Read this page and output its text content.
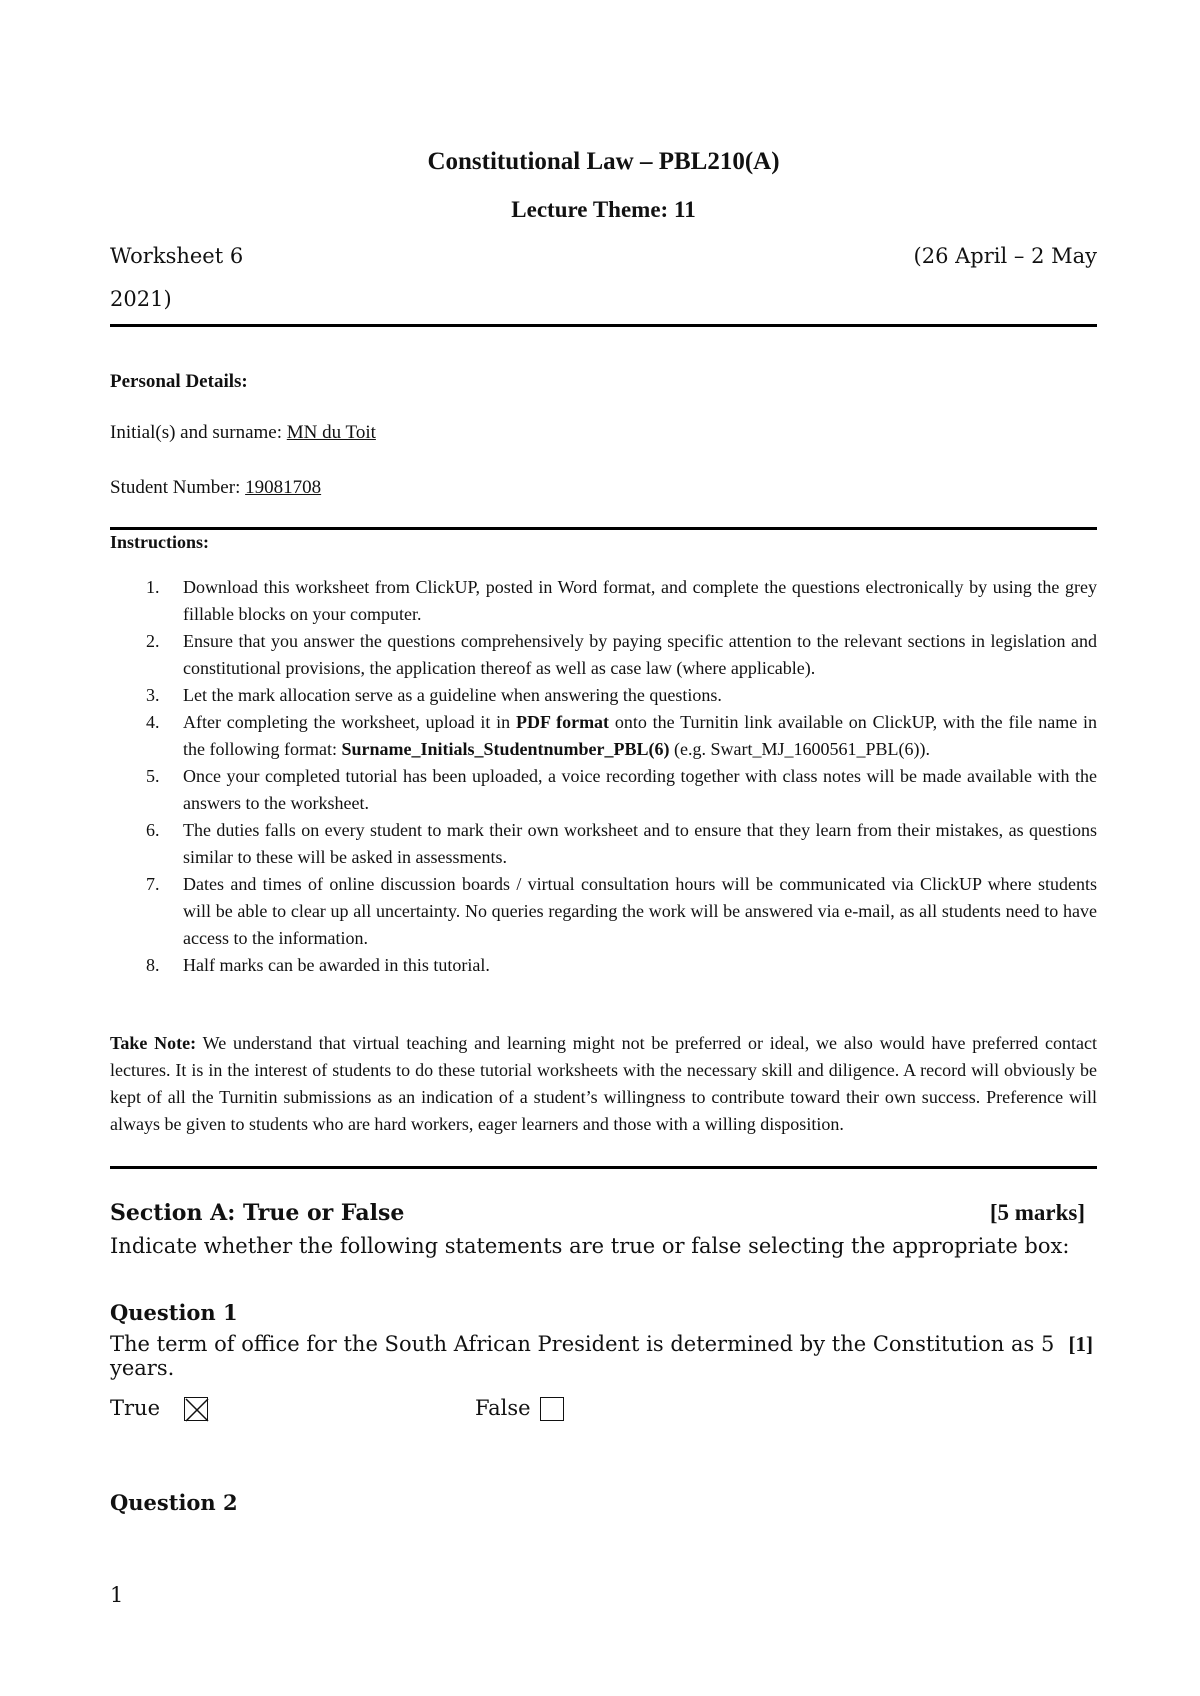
Constitutional Law – PBL210(A)
Lecture Theme: 11
Worksheet 6	(26 April – 2 May
2021)
Personal Details:
Initial(s) and surname: MN du Toit
Student Number: 19081708
Instructions:
1. Download this worksheet from ClickUP, posted in Word format, and complete the questions electronically by using the grey fillable blocks on your computer.
2. Ensure that you answer the questions comprehensively by paying specific attention to the relevant sections in legislation and constitutional provisions, the application thereof as well as case law (where applicable).
3. Let the mark allocation serve as a guideline when answering the questions.
4. After completing the worksheet, upload it in PDF format onto the Turnitin link available on ClickUP, with the file name in the following format: Surname_Initials_Studentnumber_PBL(6) (e.g. Swart_MJ_1600561_PBL(6)).
5. Once your completed tutorial has been uploaded, a voice recording together with class notes will be made available with the answers to the worksheet.
6. The duties falls on every student to mark their own worksheet and to ensure that they learn from their mistakes, as questions similar to these will be asked in assessments.
7. Dates and times of online discussion boards / virtual consultation hours will be communicated via ClickUP where students will be able to clear up all uncertainty. No queries regarding the work will be answered via e-mail, as all students need to have access to the information.
8. Half marks can be awarded in this tutorial.

Take Note: We understand that virtual teaching and learning might not be preferred or ideal, we also would have preferred contact lectures. It is in the interest of students to do these tutorial worksheets with the necessary skill and diligence. A record will obviously be kept of all the Turnitin submissions as an indication of a student’s willingness to contribute toward their own success. Preference will always be given to students who are hard workers, eager learners and those with a willing disposition.

Section A: True or False	[5 marks]
Indicate whether the following statements are true or false selecting the appropriate box:
Question 1
The term of office for the South African President is determined by the Constitution as 5 years.
[1]
True	False
Question 2
1
